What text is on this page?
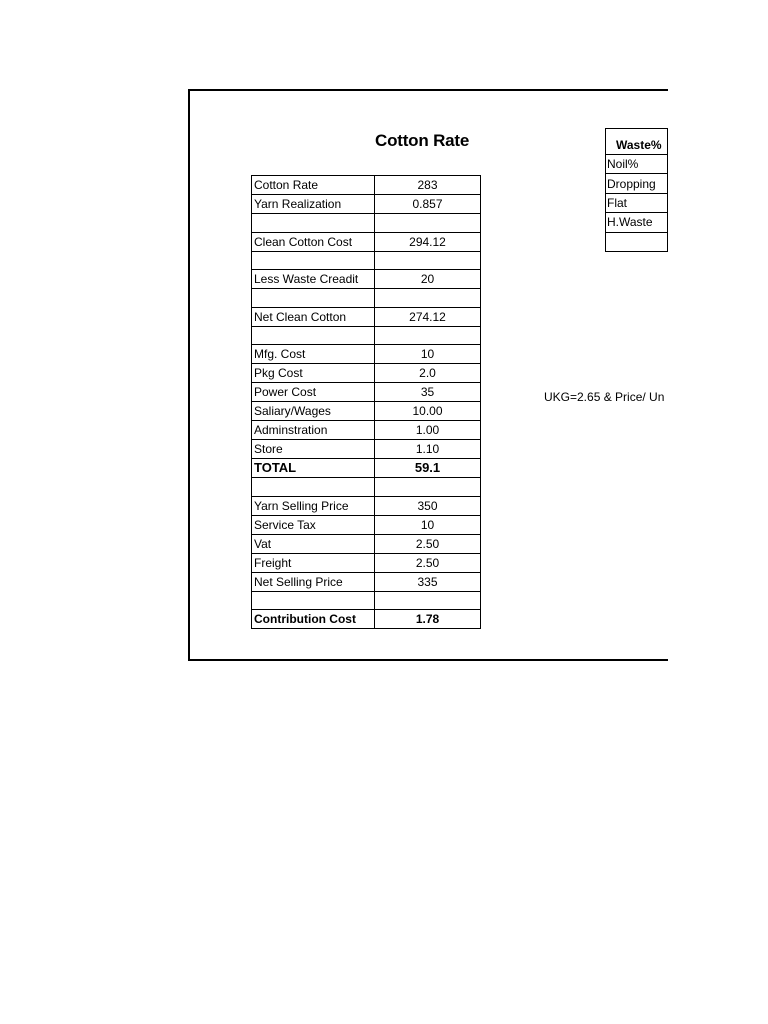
Cotton Rate
Cotton Rate	283
Yarn Realization	0.857

Clean Cotton Cost	294.12

Less Waste Creadit	20

Net Clean Cotton	274.12

Mfg. Cost	10
Pkg Cost	2.0
Power Cost	35
Saliary/Wages	10.00
Adminstration	1.00
Store	1.10
TOTAL	59.1

Yarn Selling Price	350
Service Tax	10
Vat	2.50
Freight	2.50
Net Selling Price	335

Contribution Cost	1.78
UKG=2.65 & Price/ Un
Waste%
Noil%
Dropping
Flat
H.Waste
